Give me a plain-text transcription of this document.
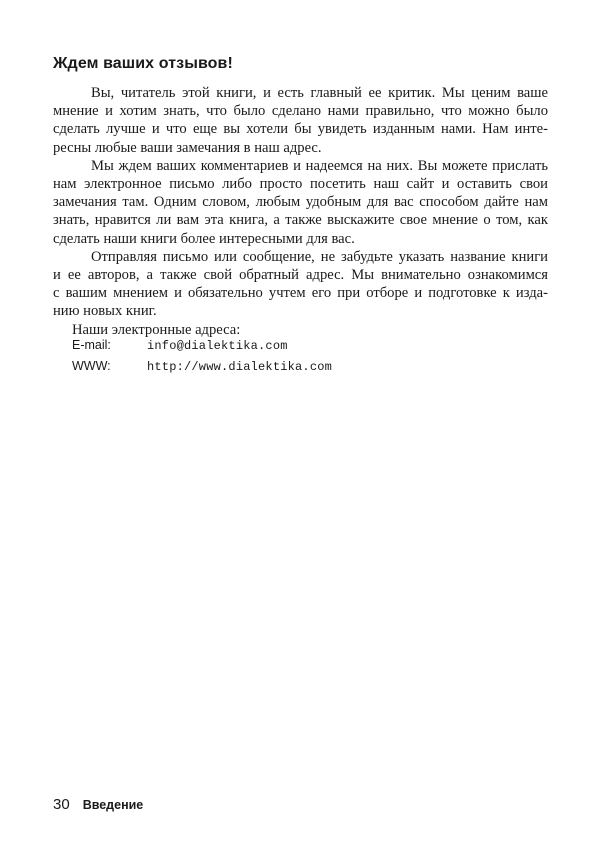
Ждем ваших отзывов!
Вы, читатель этой книги, и есть главный ее критик. Мы ценим ваше
мнение и хотим знать, что было сделано нами правильно, что можно было
сделать лучше и что еще вы хотели бы увидеть изданным нами. Нам инте-
ресны любые ваши замечания в наш адрес.
Мы ждем ваших комментариев и надеемся на них. Вы можете прислать
нам электронное письмо либо просто посетить наш сайт и оставить свои
замечания там. Одним словом, любым удобным для вас способом дайте нам
знать, нравится ли вам эта книга, а также выскажите свое мнение о том, как
сделать наши книги более интересными для вас.
Отправляя письмо или сообщение, не забудьте указать название книги
и ее авторов, а также свой обратный адрес. Мы внимательно ознакомимся
с вашим мнением и обязательно учтем его при отборе и подготовке к изда-
нию новых книг.

Наши электронные адреса:

E-mail:	info@dialektika.com
WWW:	http://www.dialektika.com
30 Введение
